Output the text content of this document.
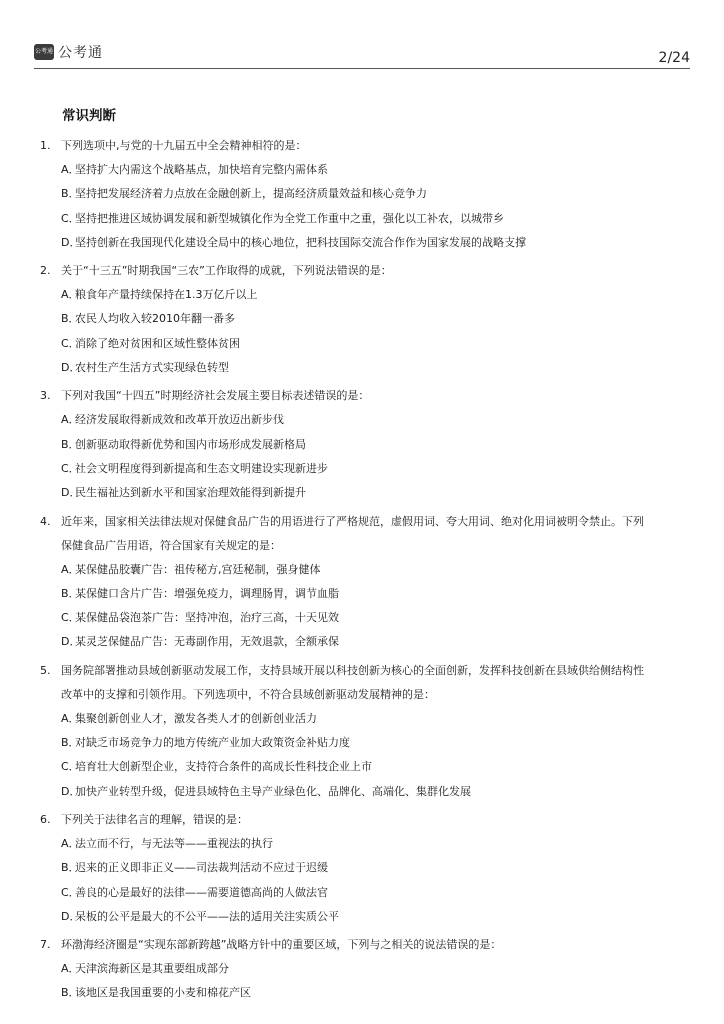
公考通 公考通	2/24
常识判断
1. 下列选项中,与党的十九届五中全会精神相符的是：
A．坚持扩大内需这个战略基点，加快培育完整内需体系
B．坚持把发展经济着力点放在金融创新上，提高经济质量效益和核心竞争力
C．坚持把推进区域协调发展和新型城镇化作为全党工作重中之重，强化以工补农，以城带乡
D．坚持创新在我国现代化建设全局中的核心地位，把科技国际交流合作作为国家发展的战略支撑
2. 关于“十三五”时期我国“三农”工作取得的成就，下列说法错误的是：
A．粮食年产量持续保持在1.3万亿斤以上
B．农民人均收入较2010年翻一番多
C．消除了绝对贫困和区域性整体贫困
D．农村生产生活方式实现绿色转型
3. 下列对我国“十四五”时期经济社会发展主要目标表述错误的是：
A．经济发展取得新成效和改革开放迈出新步伐
B．创新驱动取得新优势和国内市场形成发展新格局
C．社会文明程度得到新提高和生态文明建设实现新进步
D．民生福祉达到新水平和国家治理效能得到新提升
4. 近年来，国家相关法律法规对保健食品广告的用语进行了严格规范，虚假用词、夸大用词、绝对化用词被明令禁止。下列
保健食品广告用语，符合国家有关规定的是：
A．某保健品胶囊广告：祖传秘方,宫廷秘制，强身健体
B．某保健口含片广告：增强免疫力，调理肠胃，调节血脂
C．某保健品袋泡茶广告：坚持冲泡，治疗三高，十天见效
D．某灵芝保健品广告：无毒副作用，无效退款，全额承保
5. 国务院部署推动县域创新驱动发展工作，支持县域开展以科技创新为核心的全面创新，发挥科技创新在县域供给侧结构性
改革中的支撑和引领作用。下列选项中，不符合县域创新驱动发展精神的是：
A．集聚创新创业人才，激发各类人才的创新创业活力
B．对缺乏市场竞争力的地方传统产业加大政策资金补贴力度
C．培育壮大创新型企业，支持符合条件的高成长性科技企业上市
D．加快产业转型升级，促进县域特色主导产业绿色化、品牌化、高端化、集群化发展
6. 下列关于法律名言的理解，错误的是：
A．法立而不行，与无法等——重视法的执行
B．迟来的正义即非正义——司法裁判活动不应过于迟缓
C．善良的心是最好的法律——需要道德高尚的人做法官
D．呆板的公平是最大的不公平——法的适用关注实质公平
7. 环渤海经济圈是“实现东部新跨越”战略方针中的重要区域，下列与之相关的说法错误的是：
A．天津滨海新区是其重要组成部分
B．该地区是我国重要的小麦和棉花产区
